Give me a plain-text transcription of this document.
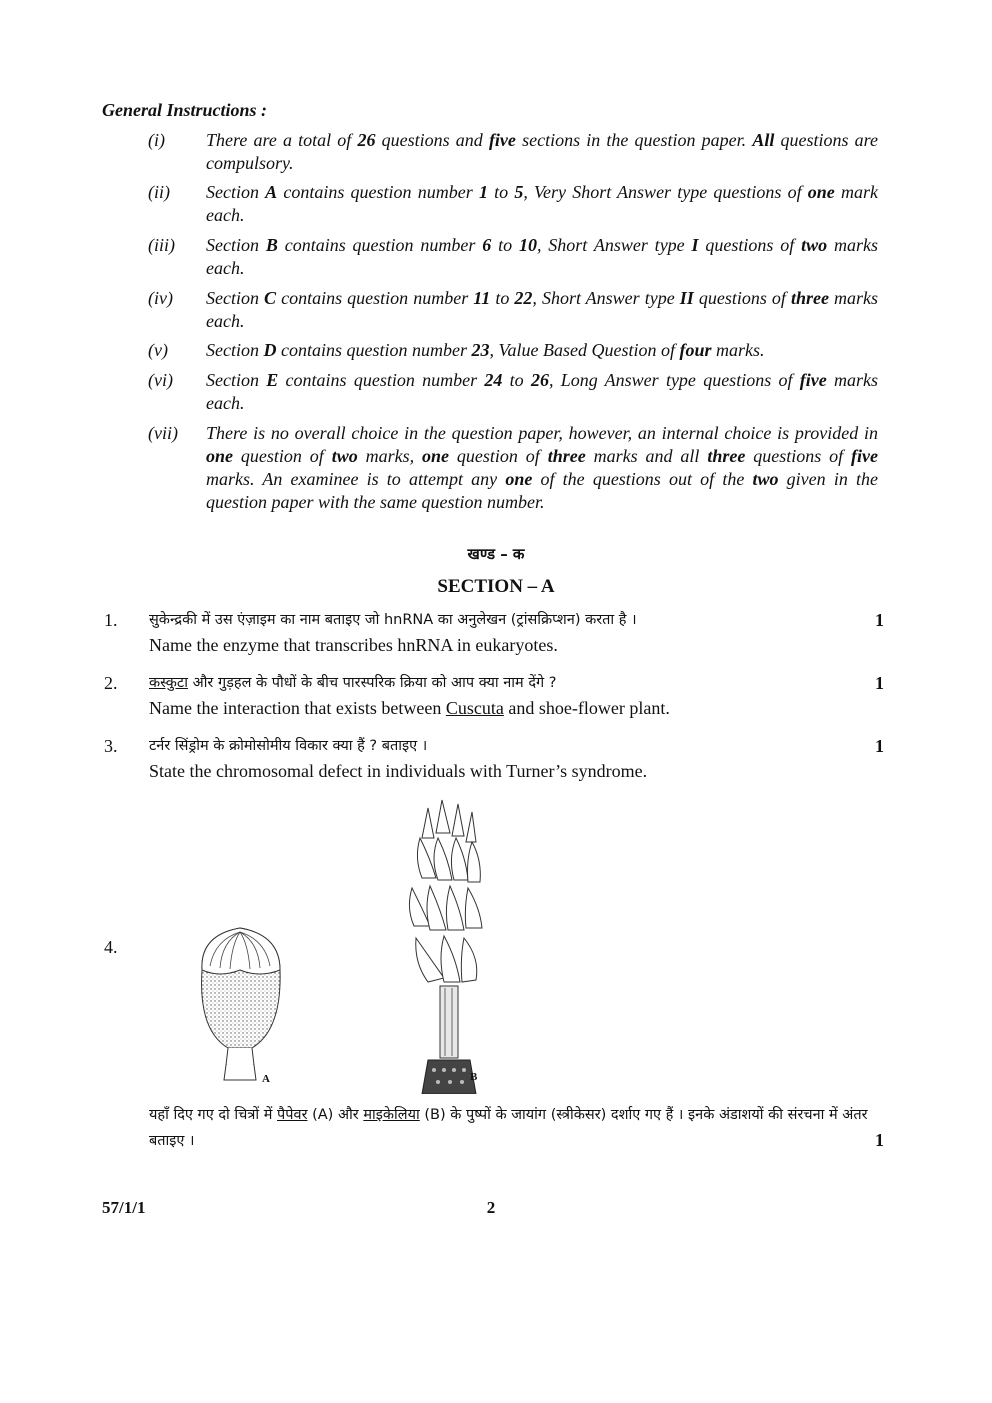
General Instructions :
(i)	There are a total of 26 questions and five sections in the question paper. All questions are compulsory.
(ii)	Section A contains question number 1 to 5, Very Short Answer type questions of one mark each.
(iii)	Section B contains question number 6 to 10, Short Answer type I questions of two marks each.
(iv)	Section C contains question number 11 to 22, Short Answer type II questions of three marks each.
(v)	Section D contains question number 23, Value Based Question of four marks.
(vi)	Section E contains question number 24 to 26, Long Answer type questions of five marks each.
(vii)	There is no overall choice in the question paper, however, an internal choice is provided in one question of two marks, one question of three marks and all three questions of five marks. An examinee is to attempt any one of the questions out of the two given in the question paper with the same question number.
खण्ड – क
SECTION – A
1. सुकेन्द्रकी में उस एंज़ाइम का नाम बताइए जो hnRNA का अनुलेखन (ट्रांसक्रिप्शन) करता है ।
Name the enzyme that transcribes hnRNA in eukaryotes.
1
2. कस्कुटा और गुड़हल के पौधों के बीच पारस्परिक क्रिया को आप क्या नाम देंगे ?
Name the interaction that exists between Cuscuta and shoe-flower plant.
1
3. टर्नर सिंड्रोम के क्रोमोसोमीय विकार क्या हैं ? बताइए ।
State the chromosomal defect in individuals with Turner’s syndrome.
1
4.
A	B
यहाँ दिए गए दो चित्रों में पैपेवर (A) और माइकेलिया (B) के पुष्पों के जायांग (स्त्रीकेसर) दर्शाए गए हैं । इनके अंडाशयों की संरचना में अंतर बताइए ।	1
57/1/1	2
